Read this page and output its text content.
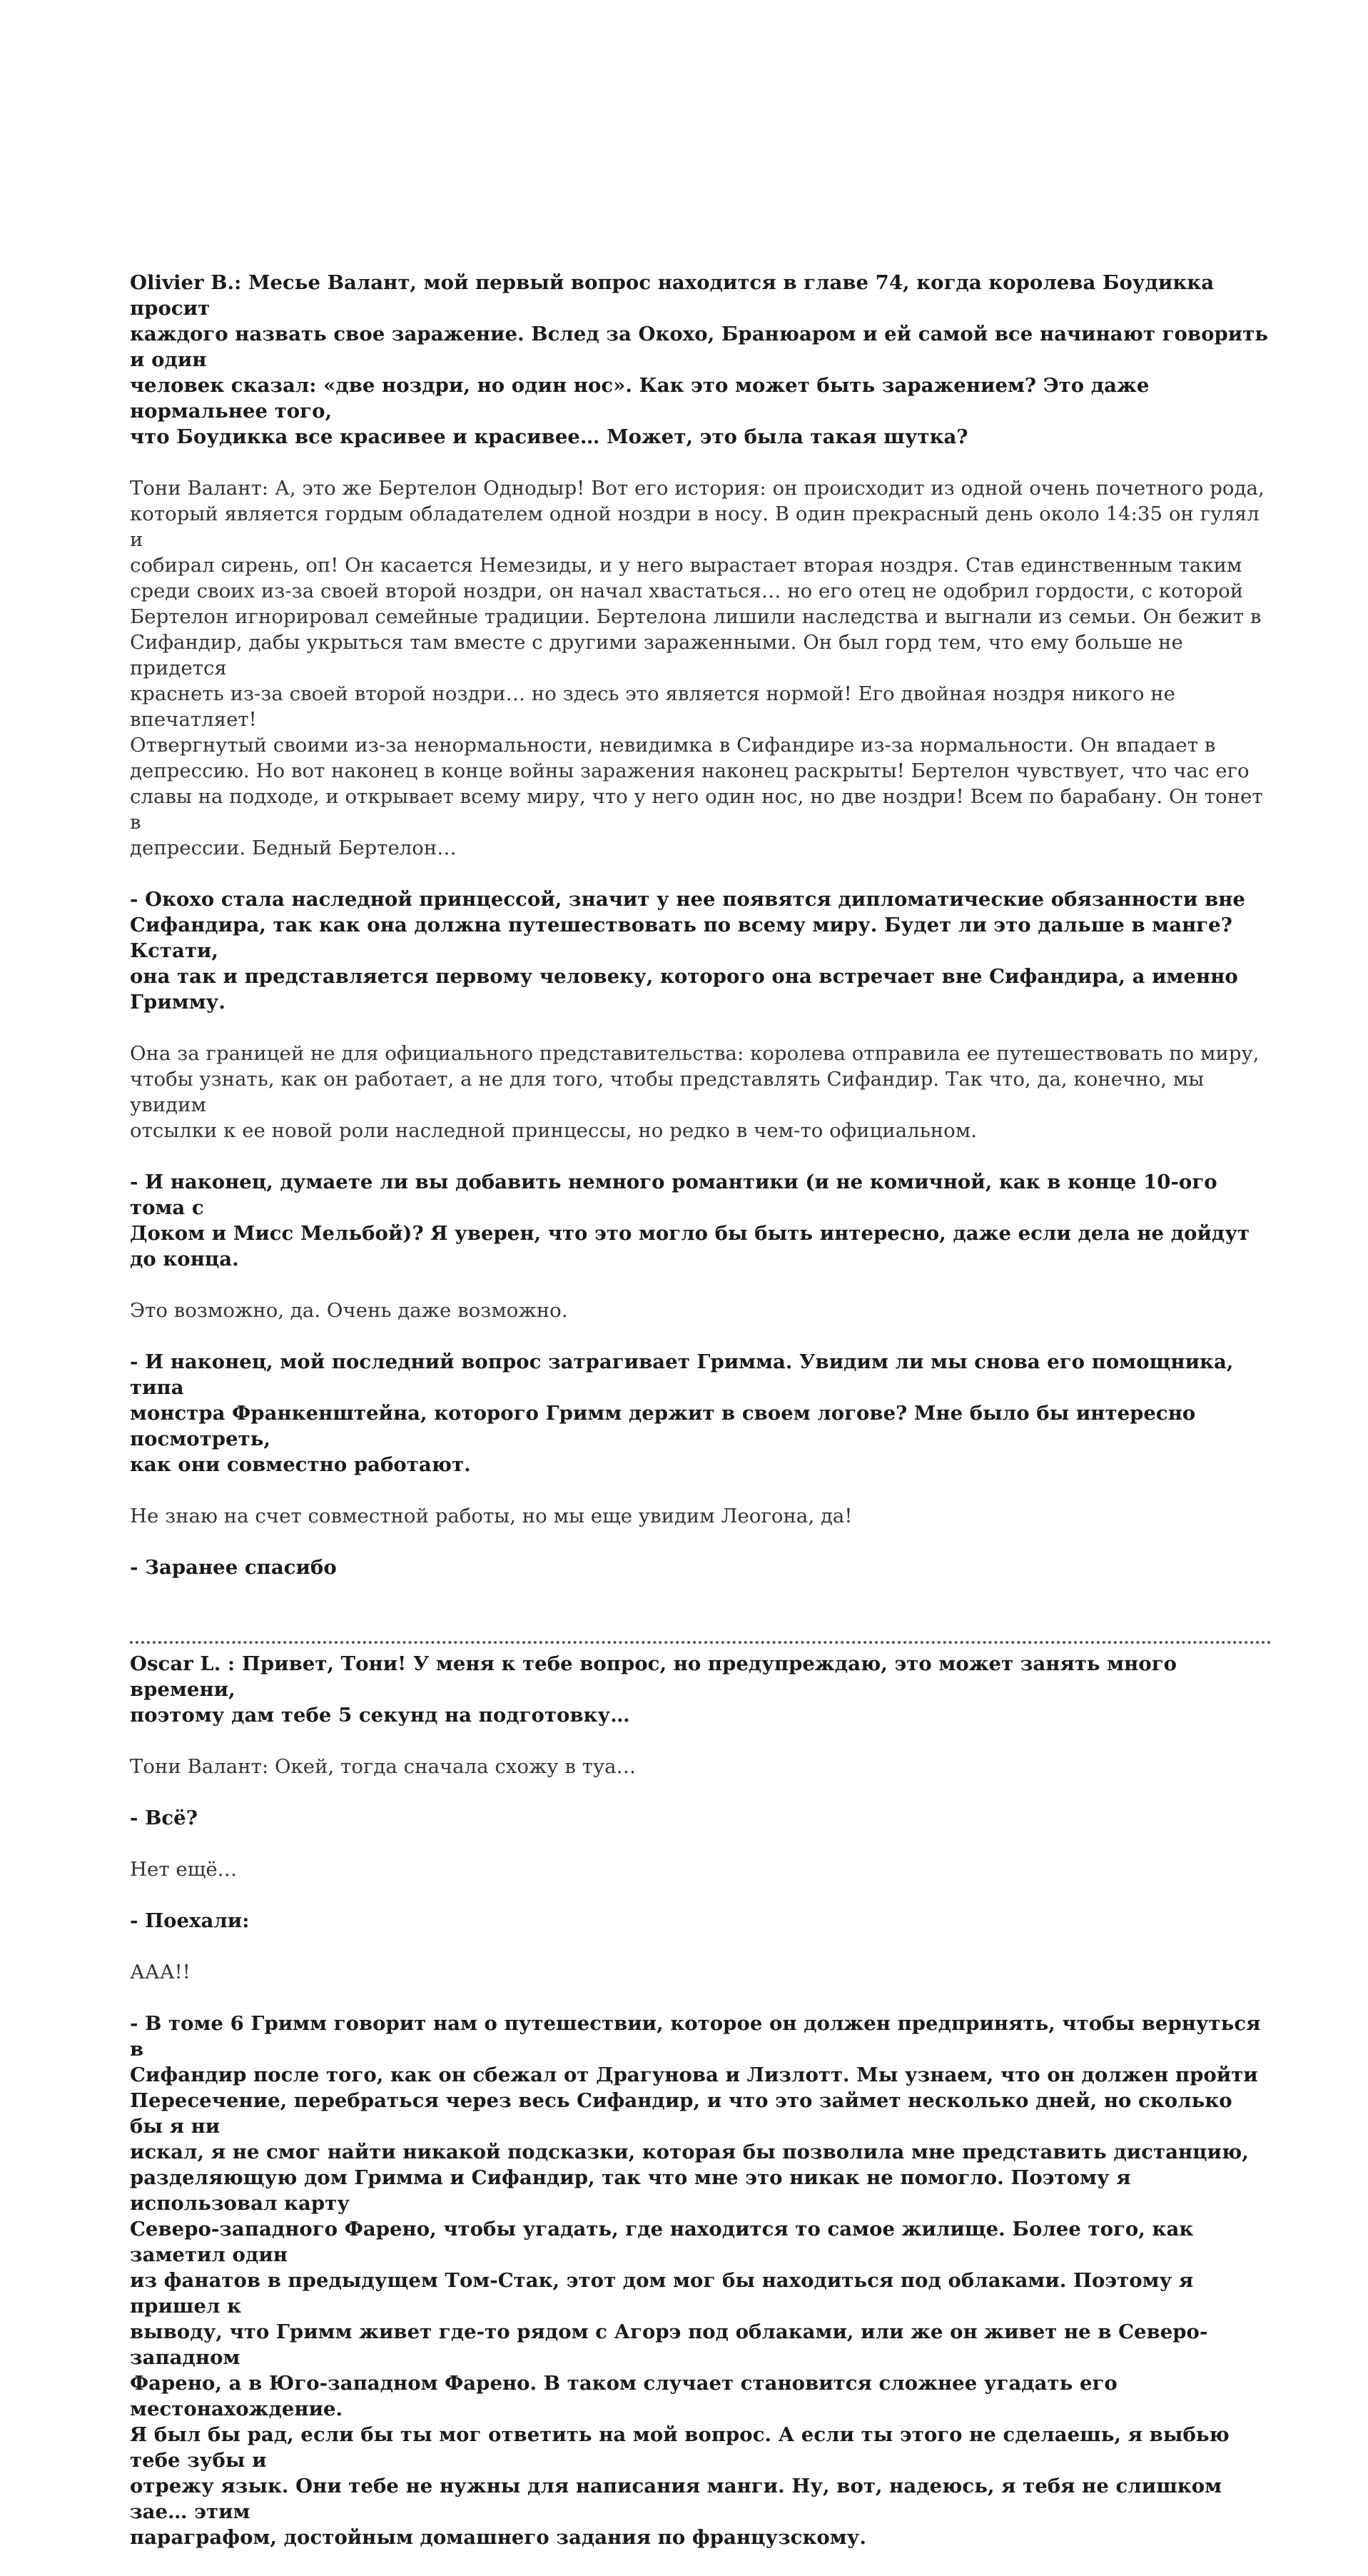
Olivier B.: Месье Валант, мой первый вопрос находится в главе 74, когда королева Боудикка просит
каждого назвать свое заражение. Вслед за Окохо, Бранюаром и ей самой все начинают говорить и один
человек сказал: «две ноздри, но один нос». Как это может быть заражением? Это даже нормальнее того,
что Боудикка все красивее и красивее… Может, это была такая шутка?
Тони Валант: А, это же Бертелон Однодыр! Вот его история: он происходит из одной очень почетного рода,
который является гордым обладателем одной ноздри в носу. В один прекрасный день около 14:35 он гулял и
собирал сирень, оп! Он касается Немезиды, и у него вырастает вторая ноздря. Став единственным таким
среди своих из-за своей второй ноздри, он начал хвастаться… но его отец не одобрил гордости, с которой
Бертелон игнорировал семейные традиции. Бертелона лишили наследства и выгнали из семьи. Он бежит в
Сифандир, дабы укрыться там вместе с другими зараженными. Он был горд тем, что ему больше не придется
краснеть из-за своей второй ноздри… но здесь это является нормой! Его двойная ноздря никого не впечатляет!
Отвергнутый своими из-за ненормальности, невидимка в Сифандире из-за нормальности. Он впадает в
депрессию. Но вот наконец в конце войны заражения наконец раскрыты! Бертелон чувствует, что час его
славы на подходе, и открывает всему миру, что у него один нос, но две ноздри! Всем по барабану. Он тонет в
депрессии. Бедный Бертелон…
- Окохо стала наследной принцессой, значит у нее появятся дипломатические обязанности вне
Сифандира, так как она должна путешествовать по всему миру. Будет ли это дальше в манге? Кстати,
она так и представляется первому человеку, которого она встречает вне Сифандира, а именно Гримму.
Она за границей не для официального представительства: королева отправила ее путешествовать по миру,
чтобы узнать, как он работает, а не для того, чтобы представлять Сифандир. Так что, да, конечно, мы увидим
отсылки к ее новой роли наследной принцессы, но редко в чем-то официальном.
- И наконец, думаете ли вы добавить немного романтики (и не комичной, как в конце 10-ого тома с
Доком и Мисс Мельбой)? Я уверен, что это могло бы быть интересно, даже если дела не дойдут до конца.
Это возможно, да. Очень даже возможно.
- И наконец, мой последний вопрос затрагивает Гримма. Увидим ли мы снова его помощника, типа
монстра Франкенштейна, которого Гримм держит в своем логове? Мне было бы интересно посмотреть,
как они совместно работают.
Не знаю на счет совместной работы, но мы еще увидим Леогона, да!
- Заранее спасибо
Oscar L. : Привет, Тони! У меня к тебе вопрос, но предупреждаю, это может занять много времени,
поэтому дам тебе 5 секунд на подготовку…
Тони Валант: Окей, тогда сначала схожу в туа…
- Всё?
Нет ещё…
- Поехали:
ААА!!
- В томе 6 Гримм говорит нам о путешествии, которое он должен предпринять, чтобы вернуться в
Сифандир после того, как он сбежал от Драгунова и Лизлотт. Мы узнаем, что он должен пройти
Пересечение, перебраться через весь Сифандир, и что это займет несколько дней, но сколько бы я ни
искал, я не смог найти никакой подсказки, которая бы позволила мне представить дистанцию,
разделяющую дом Гримма и Сифандир, так что мне это никак не помогло. Поэтому я использовал карту
Северо-западного Фарено, чтобы угадать, где находится то самое жилище. Более того, как заметил один
из фанатов в предыдущем Том-Стак, этот дом мог бы находиться под облаками. Поэтому я пришел к
выводу, что Гримм живет где-то рядом с Агорэ под облаками, или же он живет не в Северо-западном
Фарено, а в Юго-западном Фарено. В таком случает становится сложнее угадать его местонахождение.
Я был бы рад, если бы ты мог ответить на мой вопрос. А если ты этого не сделаешь, я выбью тебе зубы и
отрежу язык. Они тебе не нужны для написания манги. Ну, вот, надеюсь, я тебя не слишком зае… этим
параграфом, достойным домашнего задания по французскому.
